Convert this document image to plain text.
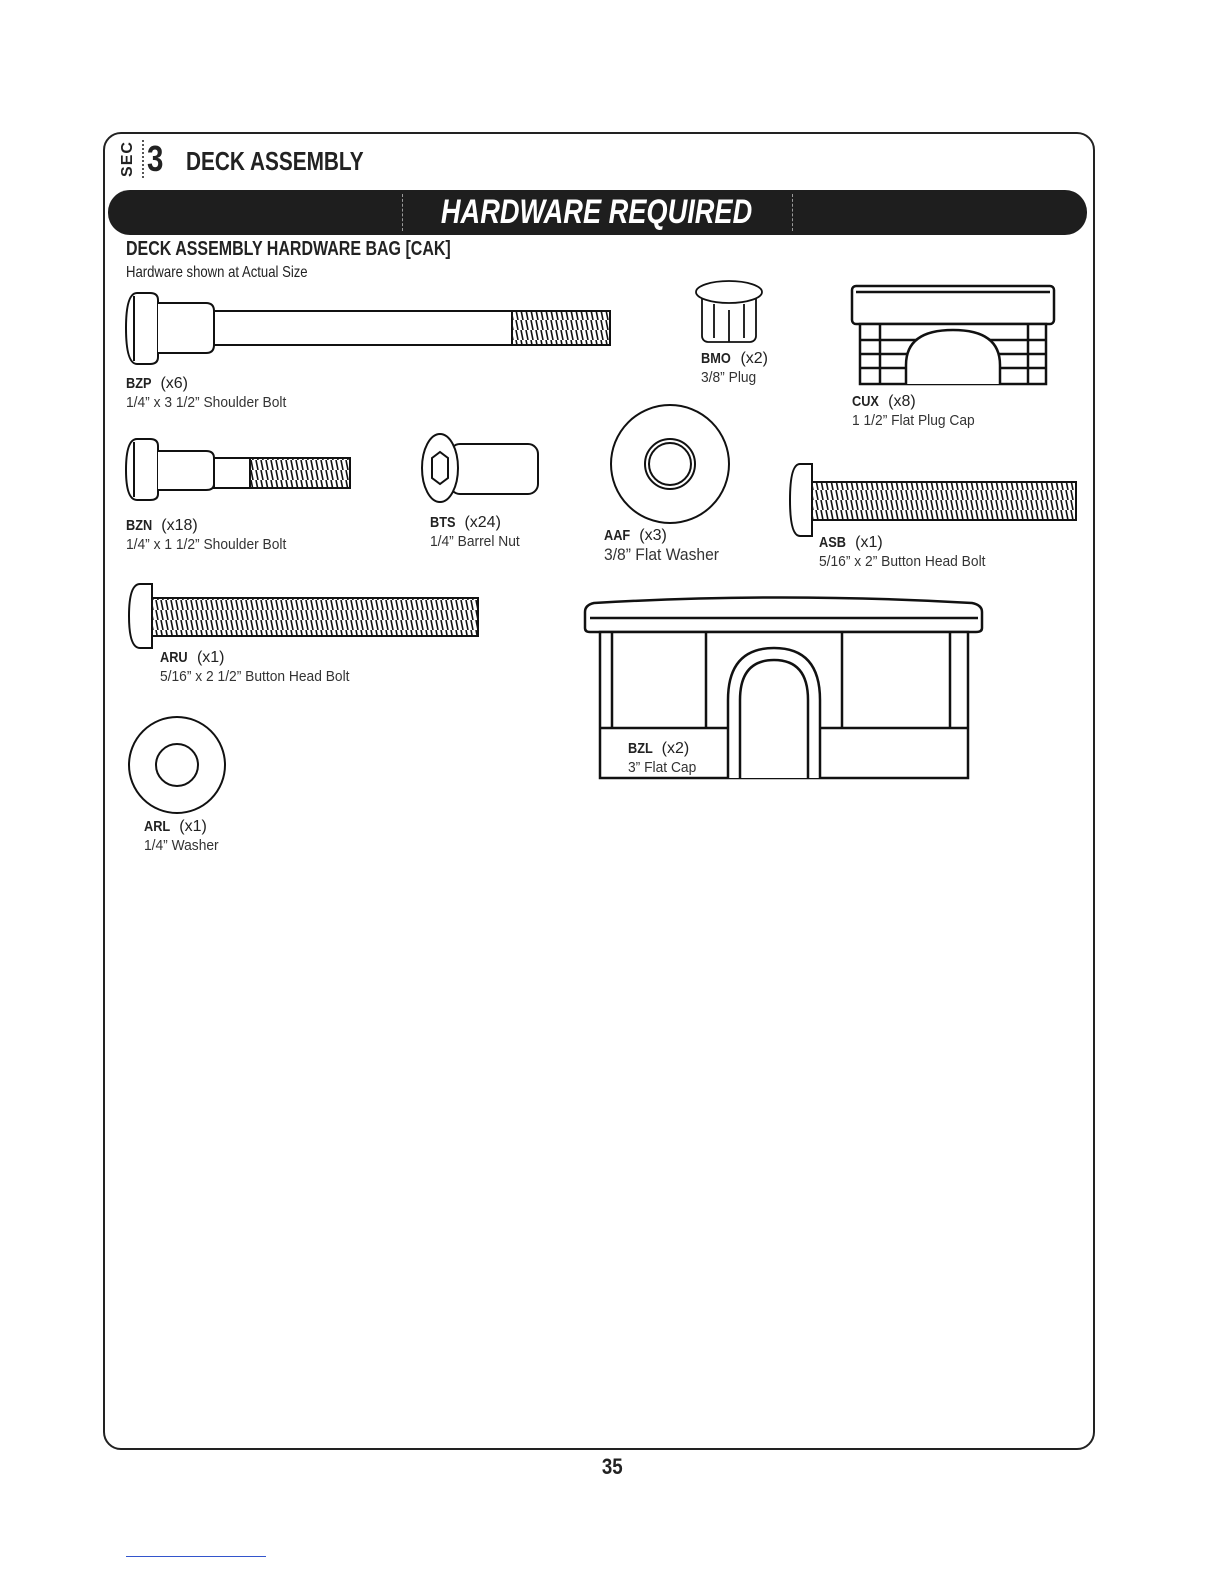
SEC 3 DECK ASSEMBLY
HARDWARE REQUIRED
DECK ASSEMBLY HARDWARE BAG [CAK]
Hardware shown at Actual Size
BZP (x6)
1/4” x 3 1/2” Shoulder Bolt
BMO (x2)
3/8” Plug
CUX (x8)
1 1/2” Flat Plug Cap
BZN (x18)
1/4” x 1 1/2” Shoulder Bolt
BTS (x24)
1/4” Barrel Nut	AAF (x3)
3/8” Flat Washer
ASB (x1)
5/16” x 2” Button Head Bolt
ARU (x1)
5/16” x 2 1/2” Button Head Bolt
BZL (x2)
3” Flat Cap
ARL (x1)
1/4” Washer
35
